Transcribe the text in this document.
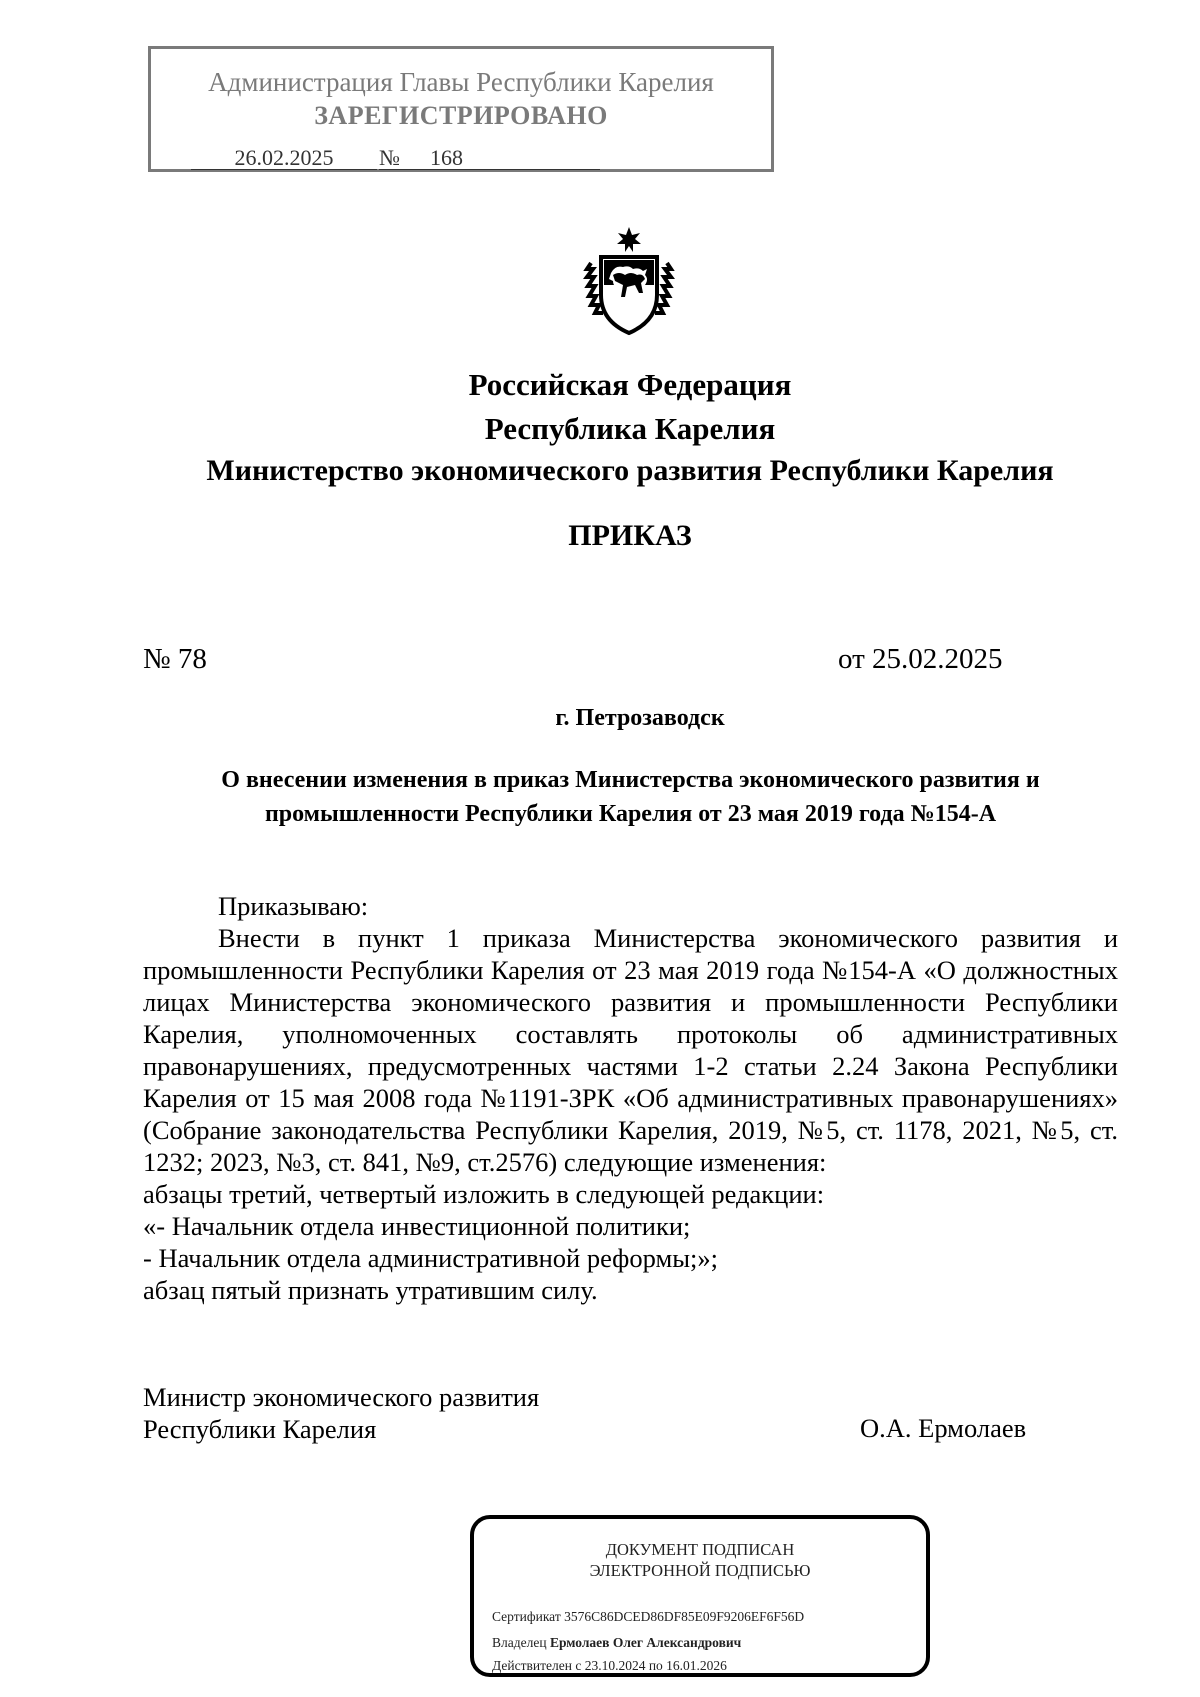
Администрация Главы Республики Карелия
ЗАРЕГИСТРИРОВАНО
26.02.2025 № 168
Российская Федерация
Республика Карелия
Министерство экономического развития Республики Карелия
ПРИКАЗ
№ 78	от 25.02.2025
г. Петрозаводск
О внесении изменения в приказ Министерства экономического развития и
промышленности Республики Карелия от 23 мая 2019 года №154-А

Приказываю:

Внести в пункт 1 приказа Министерства экономического развития и промышленности Республики Карелия от 23 мая 2019 года №154-А «О должностных лицах Министерства экономического развития и промышленности Республики Карелия, уполномоченных составлять протоколы об административных правонарушениях, предусмотренных частями 1-2 статьи 2.24 Закона Республики Карелия от 15 мая 2008 года №1191-ЗРК «Об административных правонарушениях» (Собрание законодательства Республики Карелия, 2019, №5, ст. 1178, 2021, №5, ст. 1232; 2023, №3, ст. 841, №9, ст.2576) следующие изменения:

абзацы третий, четвертый изложить в следующей редакции:

«- Начальник отдела инвестиционной политики;

- Начальник отдела административной реформы;»;

абзац пятый признать утратившим силу.

Министр экономического развития
Республики Карелия	О.А. Ермолаев
ДОКУМЕНТ ПОДПИСАН
ЭЛЕКТРОННОЙ ПОДПИСЬЮ
Сертификат 3576C86DCED86DF85E09F9206EF6F56D
Владелец Ермолаев Олег Александрович
Действителен с 23.10.2024 по 16.01.2026
